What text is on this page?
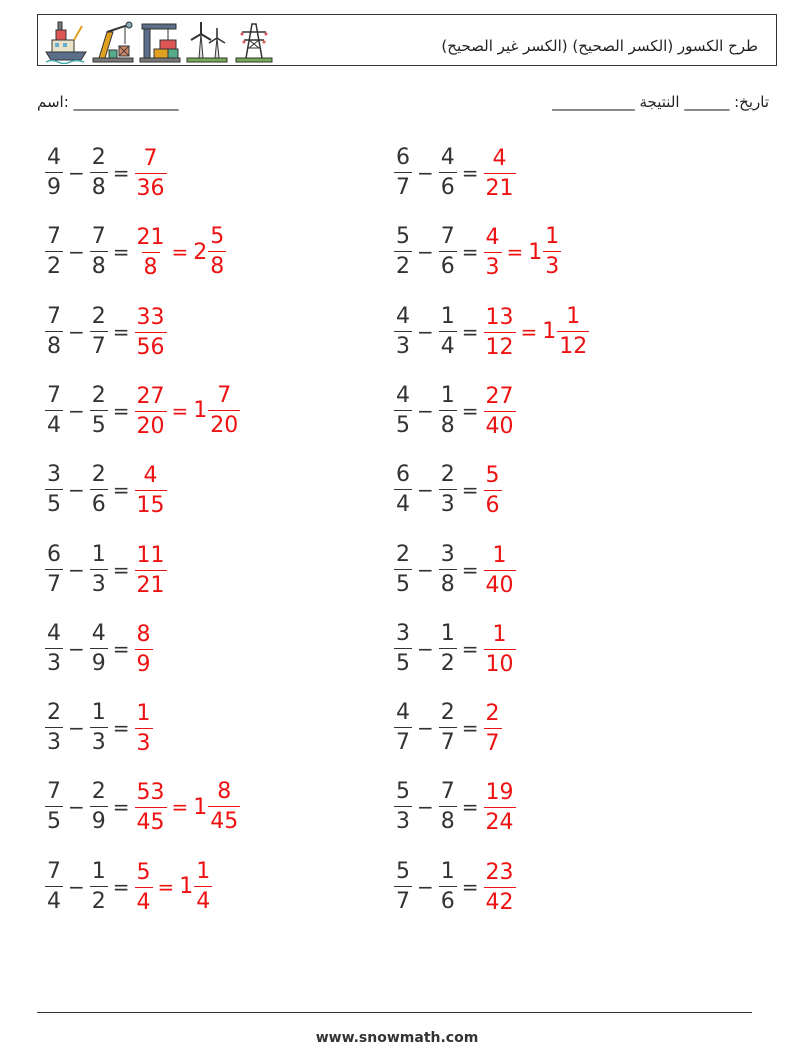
طرح الكسور (الكسر الصحيح) (الكسر غير الصحيح)
اسم: ______________	تاريخ: ______ النتيجة ___________
$\frac{4}{9} - \frac{2}{8} = \frac{7}{36}$	$\frac{6}{7} - \frac{4}{6} = \frac{4}{21}$
$\frac{7}{2} - \frac{7}{8} = \frac{21}{8} = 2 \frac{5}{8}$	$\frac{5}{2} - \frac{7}{6} = \frac{4}{3} = 1 \frac{1}{3}$
$\frac{7}{8} - \frac{2}{7} = \frac{33}{56}$	$\frac{4}{3} - \frac{1}{4} = \frac{13}{12} = 1 \frac{1}{12}$
$\frac{7}{4} - \frac{2}{5} = \frac{27}{20} = 1 \frac{7}{20}$	$\frac{4}{5} - \frac{1}{8} = \frac{27}{40}$
$\frac{3}{5} - \frac{2}{6} = \frac{4}{15}$	$\frac{6}{4} - \frac{2}{3} = \frac{5}{6}$
$\frac{6}{7} - \frac{1}{3} = \frac{11}{21}$	$\frac{2}{5} - \frac{3}{8} = \frac{1}{40}$
$\frac{4}{3} - \frac{4}{9} = \frac{8}{9}$	$\frac{3}{5} - \frac{1}{2} = \frac{1}{10}$
$\frac{2}{3} - \frac{1}{3} = \frac{1}{3}$	$\frac{4}{7} - \frac{2}{7} = \frac{2}{7}$
$\frac{7}{5} - \frac{2}{9} = \frac{53}{45} = 1 \frac{8}{45}$	$\frac{5}{3} - \frac{7}{8} = \frac{19}{24}$
$\frac{7}{4} - \frac{1}{2} = \frac{5}{4} = 1 \frac{1}{4}$	$\frac{5}{7} - \frac{1}{6} = \frac{23}{42}$
www.snowmath.com
